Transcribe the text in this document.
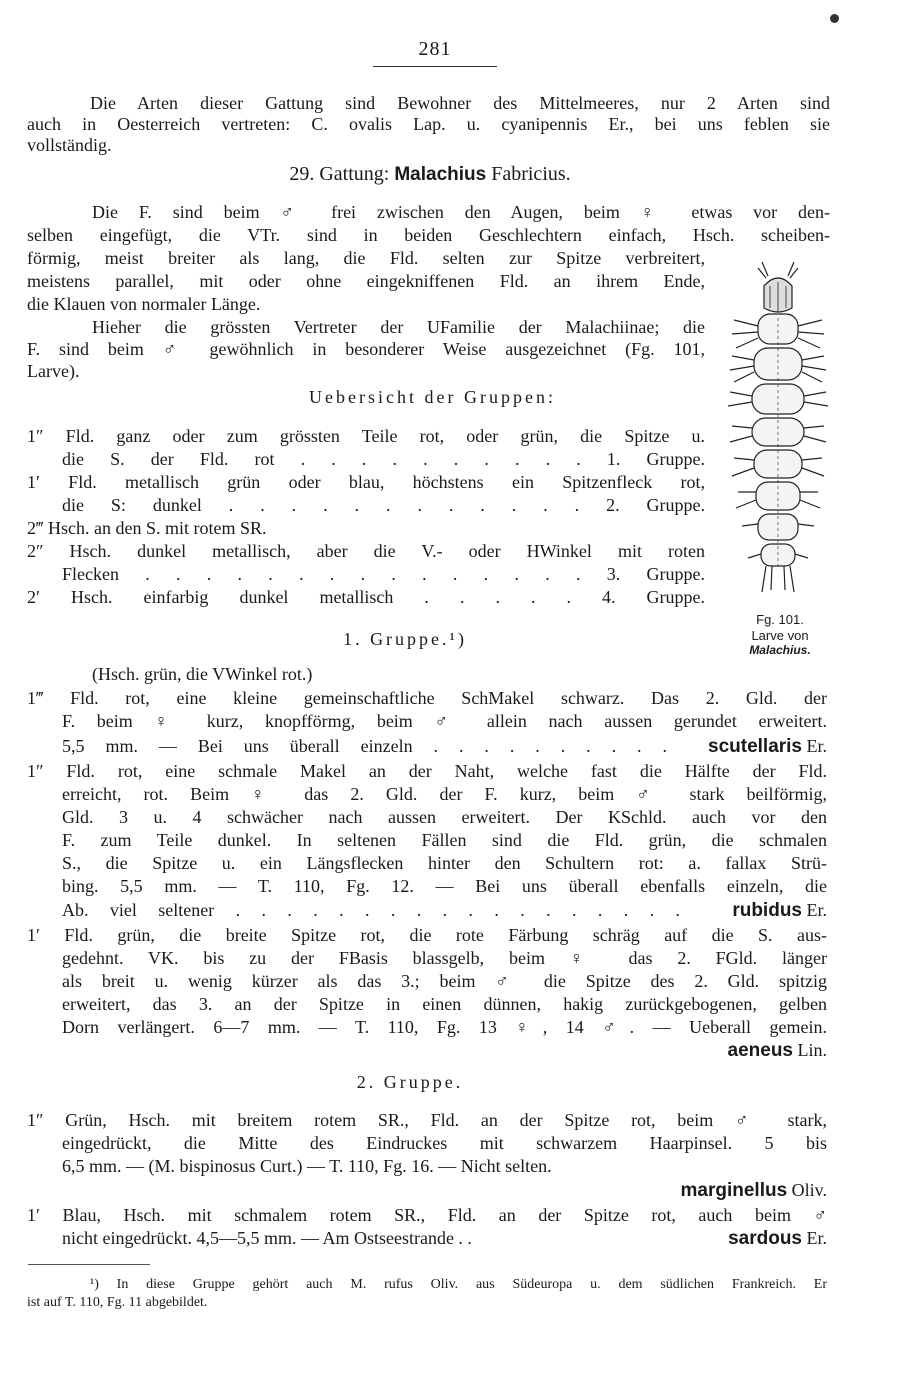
281
Die Arten dieser Gattung sind Bewohner des Mittelmeeres, nur 2 Arten sind
auch in Oesterreich vertreten: C. ovalis Lap. u. cyanipennis Er., bei uns feblen sie
vollständig.
29. Gattung: Malachius Fabricius.
Die F. sind beim ♂ frei zwischen den Augen, beim ♀ etwas vor den-
selben eingefügt, die VTr. sind in beiden Geschlechtern einfach, Hsch. scheiben-
förmig, meist breiter als lang, die Fld. selten zur Spitze verbreitert,
meistens parallel, mit oder ohne eingekniffenen Fld. an ihrem Ende,
die Klauen von normaler Länge.
Hieher die grössten Vertreter der UFamilie der Malachiinae; die
F. sind beim ♂ gewöhnlich in besonderer Weise ausgezeichnet (Fg. 101,
Larve).
Uebersicht der Gruppen:
1″ Fld. ganz oder zum grössten Teile rot, oder grün, die Spitze u.
die S. der Fld. rot . . . . . . . . . . 1. Gruppe.
1′ Fld. metallisch grün oder blau, höchstens ein Spitzenfleck rot,
die S: dunkel . . . . . . . . . . . . 2. Gruppe.
2‴ Hsch. an den S. mit rotem SR.
2″ Hsch. dunkel metallisch, aber die V.- oder HWinkel mit roten
Flecken . . . . . . . . . . . . . . . 3. Gruppe.
2′ Hsch. einfarbig dunkel metallisch . . . . . 4. Gruppe.
Fg. 101.
Larve von
Malachius.
1. Gruppe.¹)
(Hsch. grün, die VWinkel rot.)
1‴ Fld. rot, eine kleine gemeinschaftliche SchMakel schwarz. Das 2. Gld. der
F. beim ♀ kurz, knopfförmg, beim ♂ allein nach aussen gerundet erweitert.
5,5 mm. — Bei uns überall einzeln . . . . . . . . . .	scutellaris Er.
1″ Fld. rot, eine schmale Makel an der Naht, welche fast die Hälfte der Fld.
erreicht, rot. Beim ♀ das 2. Gld. der F. kurz, beim ♂ stark beilförmig,
Gld. 3 u. 4 schwächer nach aussen erweitert. Der KSchld. auch vor den
F. zum Teile dunkel. In seltenen Fällen sind die Fld. grün, die schmalen
S., die Spitze u. ein Längsflecken hinter den Schultern rot: a. fallax Strü-
bing. 5,5 mm. — T. 110, Fg. 12. — Bei uns überall ebenfalls einzeln, die
Ab. viel seltener . . . . . . . . . . . . . . . . . .	rubidus Er.
1′ Fld. grün, die breite Spitze rot, die rote Färbung schräg auf die S. aus-
gedehnt. VK. bis zu der FBasis blassgelb, beim ♀ das 2. FGld. länger
als breit u. wenig kürzer als das 3.; beim ♂ die Spitze des 2. Gld. spitzig
erweitert, das 3. an der Spitze in einen dünnen, hakig zurückgebogenen, gelben
Dorn verlängert. 6—7 mm. — T. 110, Fg. 13 ♀, 14 ♂. — Ueberall gemein.
aeneus Lin.
2. Gruppe.
1″ Grün, Hsch. mit breitem rotem SR., Fld. an der Spitze rot, beim ♂ stark,
eingedrückt, die Mitte des Eindruckes mit schwarzem Haarpinsel. 5 bis
6,5 mm. — (M. bispinosus Curt.) — T. 110, Fg. 16. — Nicht selten.
marginellus Oliv.
1′ Blau, Hsch. mit schmalem rotem SR., Fld. an der Spitze rot, auch beim ♂
nicht eingedrückt. 4,5—5,5 mm. — Am Ostseestrande . .	sardous Er.
¹) In diese Gruppe gehört auch M. rufus Oliv. aus Südeuropa u. dem südlichen Frankreich. Er
ist auf T. 110, Fg. 11 abgebildet.
